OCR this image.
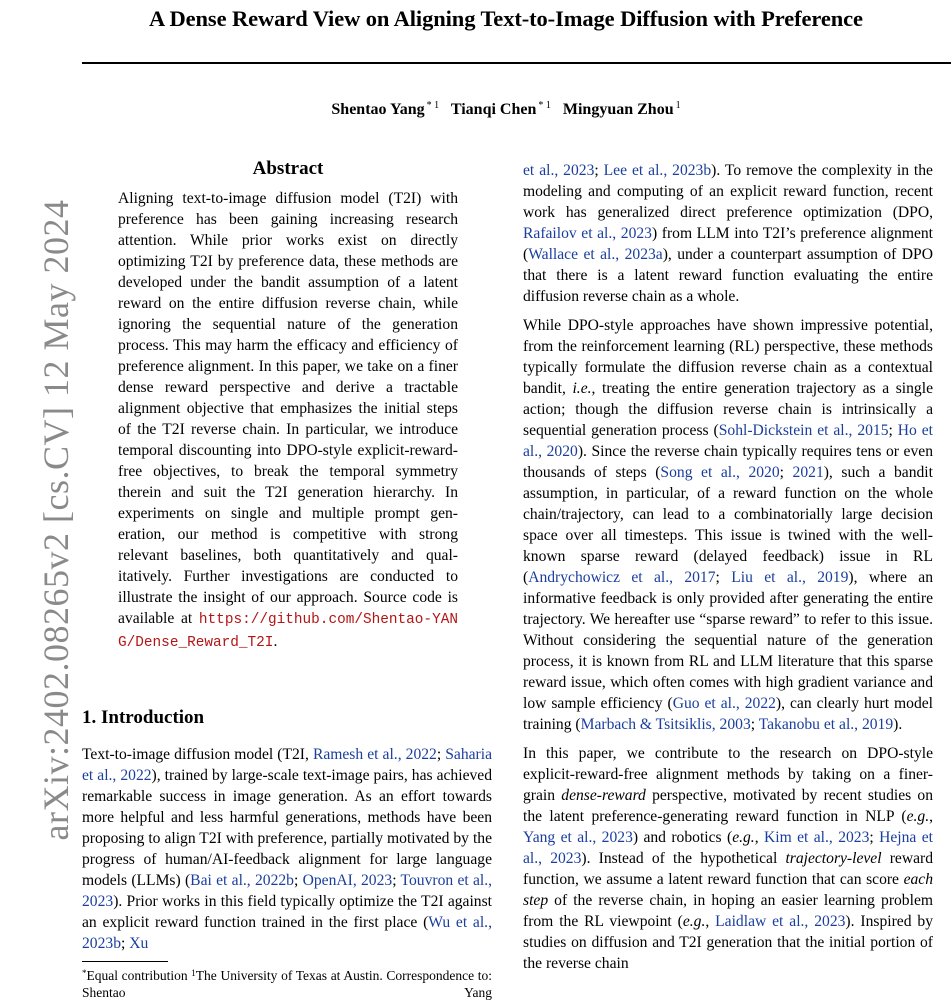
A Dense Reward View on Aligning Text-to-Image Diffusion with Preference
Shentao Yang $^{* 1}$ Tianqi Chen $^{* 1}$ Mingyuan Zhou $^1$
arXiv:2402.08265v2 [cs.CV] 12 May 2024
Abstract
Aligning text-to-image diffusion model (T2I) with preference has been gaining increasing research attention. While prior works exist on directly optimizing T2I by preference data, these methods are developed under the bandit assumption of a latent reward on the entire diffusion reverse chain, while ignoring the sequential nature of the generation process. This may harm the efficacy and efficiency of preference alignment. In this paper, we take on a finer dense reward perspective and derive a tractable alignment objective that emphasizes the initial steps of the T2I reverse chain. In particular, we introduce temporal discounting into DPO-style explicit-reward-free objectives, to break the temporal symmetry therein and suit the T2I generation hierarchy. In experiments on single and multiple prompt generation, our method is competitive with strong relevant baselines, both quantitatively and qualitatively. Further investigations are conducted to illustrate the insight of our approach. Source code is available at https://github.com/Shentao-YANG/Dense_Reward_T2I.
1. Introduction
Text-to-image diffusion model (T2I, Ramesh et al., 2022; Saharia et al., 2022), trained by large-scale text-image pairs, has achieved remarkable success in image generation. As an effort towards more helpful and less harmful generations, methods have been proposing to align T2I with preference, partially motivated by the progress of human/AI-feedback alignment for large language models (LLMs) (Bai et al., 2022b; OpenAI, 2023; Touvron et al., 2023). Prior works in this field typically optimize the T2I against an explicit reward function trained in the first place (Wu et al., 2023b; Xu
*Equal contribution $^1$The University of Texas at Austin. Correspondence to: Shentao Yang

et al., 2023; Lee et al., 2023b). To remove the complexity in the modeling and computing of an explicit reward function, recent work has generalized direct preference optimization (DPO, Rafailov et al., 2023) from LLM into T2I’s preference alignment (Wallace et al., 2023a), under a counterpart assumption of DPO that there is a latent reward function evaluating the entire diffusion reverse chain as a whole.

While DPO-style approaches have shown impressive potential, from the reinforcement learning (RL) perspective, these methods typically formulate the diffusion reverse chain as a contextual bandit, i.e., treating the entire generation trajectory as a single action; though the diffusion reverse chain is intrinsically a sequential generation process (Sohl-Dickstein et al., 2015; Ho et al., 2020). Since the reverse chain typically requires tens or even thousands of steps (Song et al., 2020; 2021), such a bandit assumption, in particular, of a reward function on the whole chain/trajectory, can lead to a combinatorially large decision space over all timesteps. This issue is twined with the well-known sparse reward (delayed feedback) issue in RL (Andrychowicz et al., 2017; Liu et al., 2019), where an informative feedback is only provided after generating the entire trajectory. We hereafter use “sparse reward” to refer to this issue. Without considering the sequential nature of the generation process, it is known from RL and LLM literature that this sparse reward issue, which often comes with high gradient variance and low sample efficiency (Guo et al., 2022), can clearly hurt model training (Marbach & Tsitsiklis, 2003; Takanobu et al., 2019).

In this paper, we contribute to the research on DPO-style explicit-reward-free alignment methods by taking on a finer-grain dense-reward perspective, motivated by recent studies on the latent preference-generating reward function in NLP (e.g., Yang et al., 2023) and robotics (e.g., Kim et al., 2023; Hejna et al., 2023). Instead of the hypothetical trajectory-level reward function, we assume a latent reward function that can score each step of the reverse chain, in hoping an easier learning problem from the RL viewpoint (e.g., Laidlaw et al., 2023). Inspired by studies on diffusion and T2I generation that the initial portion of the reverse chain
